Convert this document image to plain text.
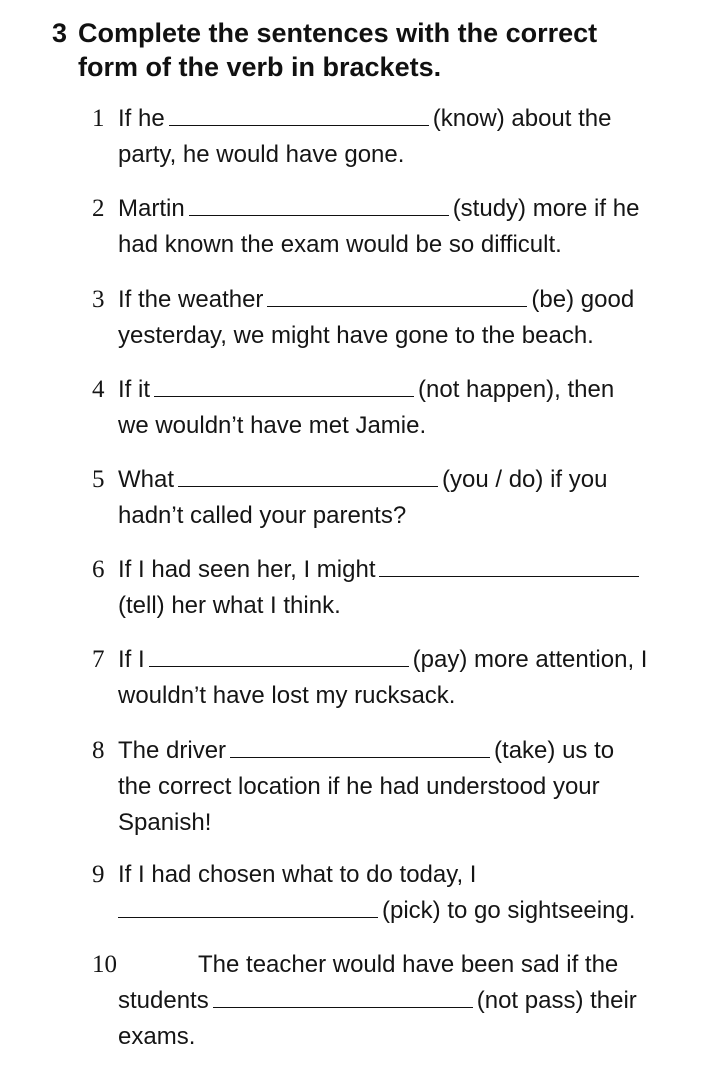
3 Complete the sentences with the correct
form of the verb in brackets.
1 If he	(know) about the
party, he would have gone.
2 Martin	(study) more if he
had known the exam would be so difficult.
3 If the weather	(be) good
yesterday, we might have gone to the beach.
4 If it	(not happen), then
we wouldn’t have met Jamie.
5 What	(you / do) if you
hadn’t called your parents?
6 If I had seen her, I might
(tell) her what I think.
7 If I	(pay) more attention, I
wouldn’t have lost my rucksack.
8 The driver	(take) us to
the correct location if he had understood your
Spanish!
9 If I had chosen what to do today, I
(pick) to go sightseeing.
10	The teacher would have been sad if the
students	(not pass) their
exams.
